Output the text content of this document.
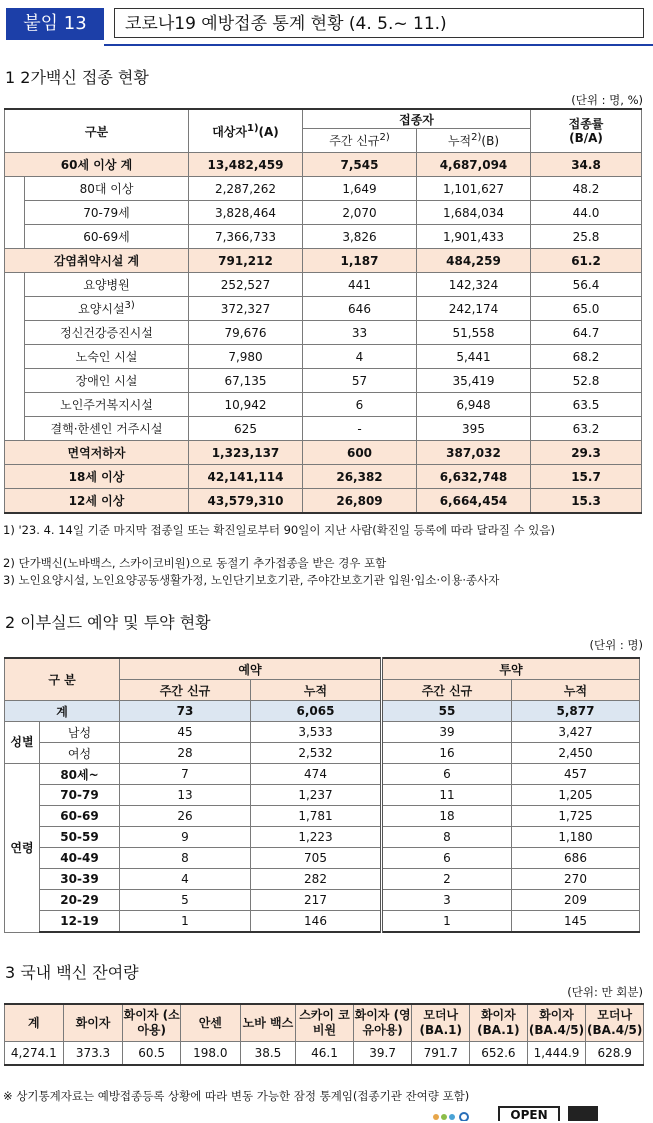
붙임 13	코로나19 예방접종 통계 현황 (4. 5.~ 11.)
1 2가백신 접종 현황
(단위 : 명, %)
구분		대상자$^{1)}$(A)	접종자		접종률
(B/A)
			주간 신규$^{2)}$	누적$^{2)}$(B)	
60세 이상 계		13,482,459	7,545	4,687,094	34.8
	80대 이상	2,287,262	1,649	1,101,627	48.2
	70-79세	3,828,464	2,070	1,684,034	44.0
	60-69세	7,366,733	3,826	1,901,433	25.8
감염취약시설 계		791,212	1,187	484,259	61.2
	요양병원	252,527	441	142,324	56.4
	요양시설$^{3)}$	372,327	646	242,174	65.0
	정신건강증진시설	79,676	33	51,558	64.7
	노숙인 시설	7,980	4	5,441	68.2
	장애인 시설	67,135	57	35,419	52.8
	노인주거복지시설	10,942	6	6,948	63.5
	결핵·한센인 거주시설	625	-	395	63.2
면역저하자		1,323,137	600	387,032	29.3
18세 이상		42,141,114	26,382	6,632,748	15.7
12세 이상		43,579,310	26,809	6,664,454	15.3
1) '23. 4. 14일 기준 마지막 접종일 또는 확진일로부터 90일이 지난 사람(확진일 등록에 따라 달라질 수 있음)
2) 단가백신(노바백스, 스카이코비원)으로 동절기 추가접종을 받은 경우 포함
3) 노인요양시설, 노인요양공동생활가정, 노인단기보호기관, 주야간보호기관 입원·입소·이용·종사자
2 이부실드 예약 및 투약 현황
(단위 : 명)
구 분		예약		투약	
		주간 신규	누적	주간 신규	누적
계		73	6,065	55	5,877
성별	남성	45	3,533	39	3,427
	여성	28	2,532	16	2,450
연령	80세~	7	474	6	457
	70-79	13	1,237	11	1,205
	60-69	26	1,781	18	1,725
	50-59	9	1,223	8	1,180
	40-49	8	705	6	686
	30-39	4	282	2	270
	20-29	5	217	3	209
	12-19	1	146	1	145
3 국내 백신 잔여량
(단위: 만 회분)
계	화이자	화이자 (소아용)	안센	노바 백스	스카이 코비원	화이자 (영유아용)	모더나 (BA.1)	화이자 (BA.1)	화이자 (BA.4/5)	모더나 (BA.4/5)
4,274.1	373.3	60.5	198.0	38.5	46.1	39.7	791.7	652.6	1,444.9	628.9
※ 상기통계자료는 예방접종등록 상황에 따라 변동 가능한 잠정 통계임(접종기관 잔여량 포함)
OPEN
